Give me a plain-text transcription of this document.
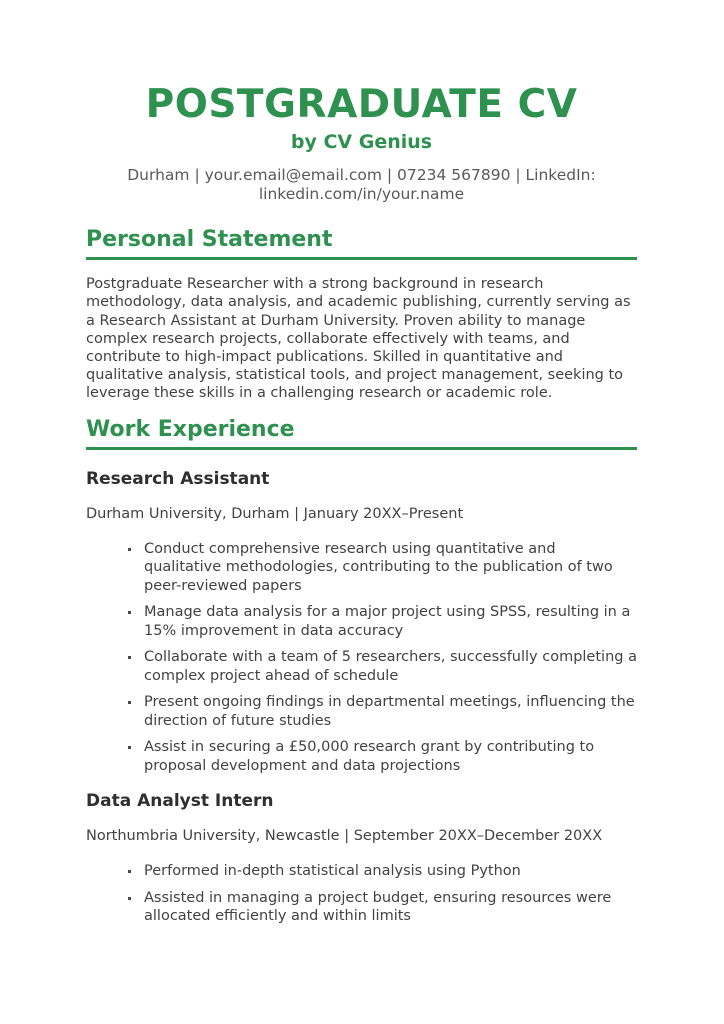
POSTGRADUATE CV
by CV Genius
Durham | your.email@email.com | 07234 567890 | LinkedIn:
linkedin.com/in/your.name
Personal Statement

Postgraduate Researcher with a strong background in research methodology, data analysis, and academic publishing, currently serving as a Research Assistant at Durham University. Proven ability to manage complex research projects, collaborate effectively with teams, and contribute to high-impact publications. Skilled in quantitative and qualitative analysis, statistical tools, and project management, seeking to leverage these skills in a challenging research or academic role.

Work Experience
Research Assistant

Durham University, Durham | January 20XX–Present

Conduct comprehensive research using quantitative and qualitative methodologies, contributing to the publication of two peer-reviewed papers
Manage data analysis for a major project using SPSS, resulting in a 15% improvement in data accuracy
Collaborate with a team of 5 researchers, successfully completing a complex project ahead of schedule
Present ongoing findings in departmental meetings, influencing the direction of future studies
Assist in securing a £50,000 research grant by contributing to proposal development and data projections
Data Analyst Intern

Northumbria University, Newcastle | September 20XX–December 20XX

Performed in-depth statistical analysis using Python
Assisted in managing a project budget, ensuring resources were allocated efficiently and within limits
